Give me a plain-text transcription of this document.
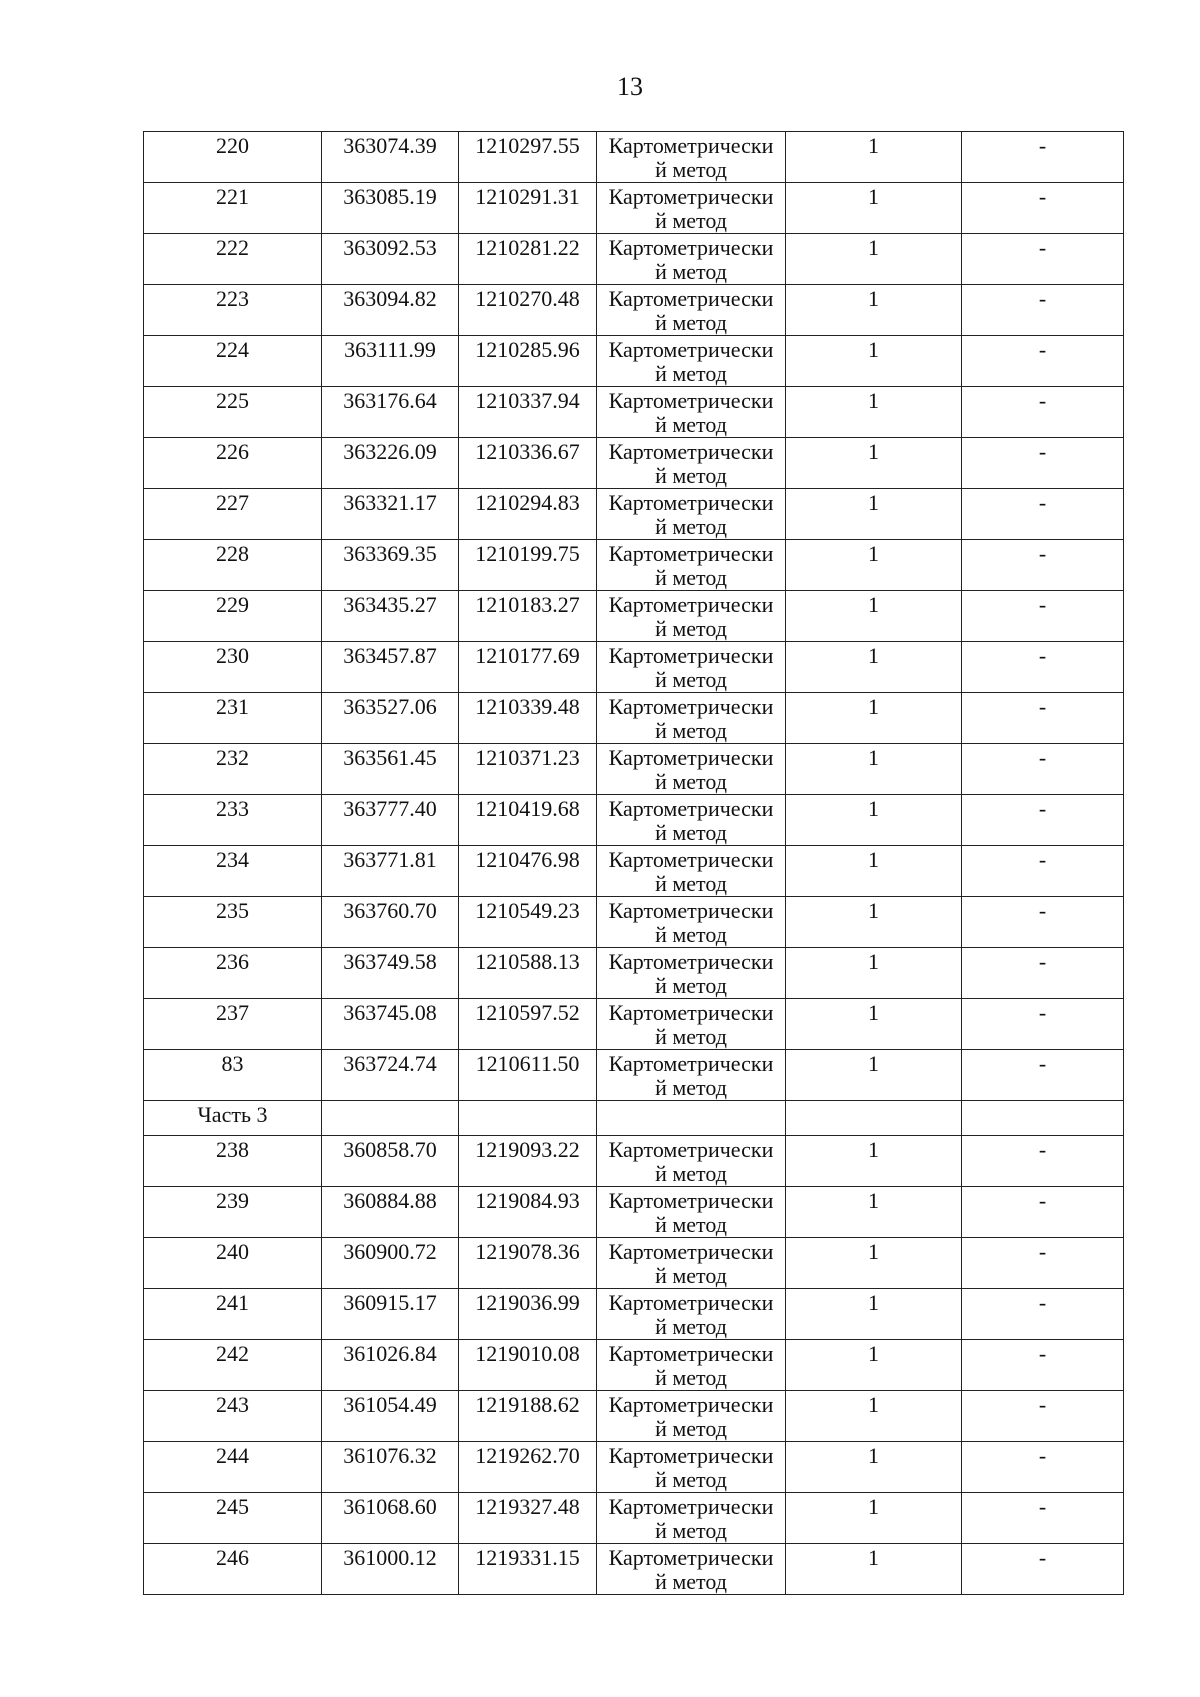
13
220	363074.39	1210297.55	Картометрически
й метод	1	-
221	363085.19	1210291.31	Картометрически
й метод	1	-
222	363092.53	1210281.22	Картометрически
й метод	1	-
223	363094.82	1210270.48	Картометрически
й метод	1	-
224	363111.99	1210285.96	Картометрически
й метод	1	-
225	363176.64	1210337.94	Картометрически
й метод	1	-
226	363226.09	1210336.67	Картометрически
й метод	1	-
227	363321.17	1210294.83	Картометрически
й метод	1	-
228	363369.35	1210199.75	Картометрически
й метод	1	-
229	363435.27	1210183.27	Картометрически
й метод	1	-
230	363457.87	1210177.69	Картометрически
й метод	1	-
231	363527.06	1210339.48	Картометрически
й метод	1	-
232	363561.45	1210371.23	Картометрически
й метод	1	-
233	363777.40	1210419.68	Картометрически
й метод	1	-
234	363771.81	1210476.98	Картометрически
й метод	1	-
235	363760.70	1210549.23	Картометрически
й метод	1	-
236	363749.58	1210588.13	Картометрически
й метод	1	-
237	363745.08	1210597.52	Картометрически
й метод	1	-
83	363724.74	1210611.50	Картометрически
й метод	1	-
Часть 3					
238	360858.70	1219093.22	Картометрически
й метод	1	-
239	360884.88	1219084.93	Картометрически
й метод	1	-
240	360900.72	1219078.36	Картометрически
й метод	1	-
241	360915.17	1219036.99	Картометрически
й метод	1	-
242	361026.84	1219010.08	Картометрически
й метод	1	-
243	361054.49	1219188.62	Картометрически
й метод	1	-
244	361076.32	1219262.70	Картометрически
й метод	1	-
245	361068.60	1219327.48	Картометрически
й метод	1	-
246	361000.12	1219331.15	Картометрически
й метод	1	-
